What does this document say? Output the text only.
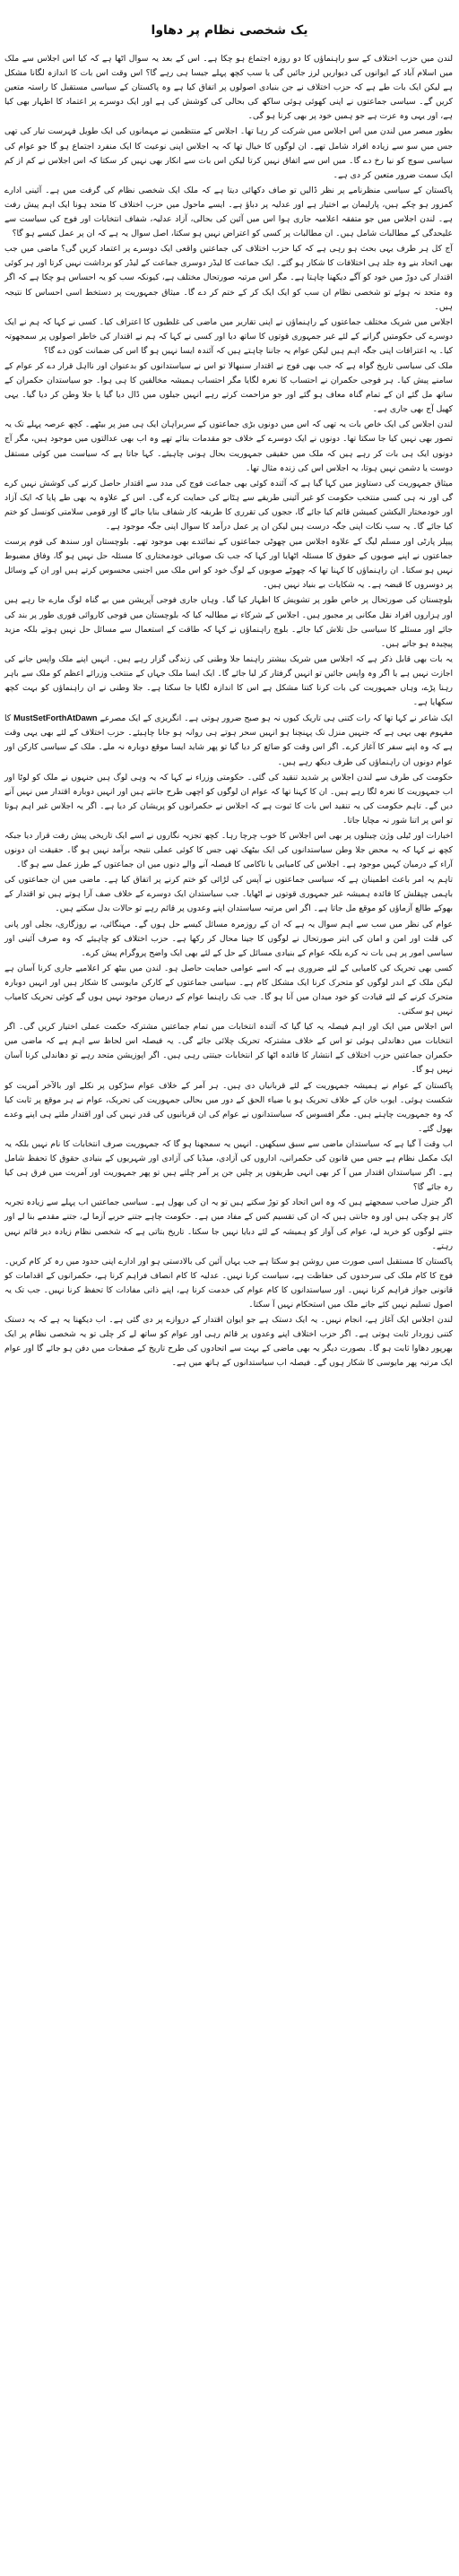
یک شخصی نظام پر دھاوا

لندن میں حزب اختلاف کے سو راہنماؤں کا دو روزہ اجتماع ہو چکا ہے۔ اس کے بعد یہ سوال اٹھا ہے کہ کیا اس اجلاس سے ملک میں اسلام آباد کے ایوانوں کی دیواریں لرز جائیں گی یا سب کچھ پہلے جیسا ہی رہے گا؟ اس وقت اس بات کا اندازہ لگانا مشکل ہے لیکن ایک بات طے ہے کہ حزب اختلاف نے جن بنیادی اصولوں پر اتفاق کیا ہے وہ پاکستان کے سیاسی مستقبل کا راستہ متعین کریں گے۔ سیاسی جماعتوں نے اپنی کھوئی ہوئی ساکھ کی بحالی کی کوشش کی ہے اور ایک دوسرے پر اعتماد کا اظہار بھی کیا ہے، اور یہی وہ عزت ہے جو ہمیں خود پر بھی کرنا ہو گی۔

بطور مبصر میں لندن میں اس اجلاس میں شرکت کر رہا تھا۔ اجلاس کے منتظمین نے مہمانوں کی ایک طویل فہرست تیار کی تھی جس میں سو سے زیادہ افراد شامل تھے۔ ان لوگوں کا خیال تھا کہ یہ اجلاس اپنی نوعیت کا ایک منفرد اجتماع ہو گا جو عوام کی سیاسی سوچ کو نیا رخ دے گا۔ میں اس سے اتفاق نہیں کرتا لیکن اس بات سے انکار بھی نہیں کر سکتا کہ اس اجلاس نے کم از کم ایک سمت ضرور متعین کر دی ہے۔

پاکستان کے سیاسی منظرنامے پر نظر ڈالیں تو صاف دکھائی دیتا ہے کہ ملک ایک شخصی نظام کی گرفت میں ہے۔ آئینی ادارے کمزور ہو چکے ہیں، پارلیمان بے اختیار ہے اور عدلیہ پر دباؤ ہے۔ ایسے ماحول میں حزب اختلاف کا متحد ہونا ایک اہم پیش رفت ہے۔ لندن اجلاس میں جو متفقہ اعلامیہ جاری ہوا اس میں آئین کی بحالی، آزاد عدلیہ، شفاف انتخابات اور فوج کی سیاست سے علیحدگی کے مطالبات شامل ہیں۔ ان مطالبات پر کسی کو اعتراض نہیں ہو سکتا، اصل سوال یہ ہے کہ ان پر عمل کیسے ہو گا؟

آج کل ہر طرف یہی بحث ہو رہی ہے کہ کیا حزب اختلاف کی جماعتیں واقعی ایک دوسرے پر اعتماد کریں گی؟ ماضی میں جب بھی اتحاد بنے وہ جلد ہی اختلافات کا شکار ہو گئے۔ ایک جماعت کا لیڈر دوسری جماعت کے لیڈر کو برداشت نہیں کرتا اور ہر کوئی اقتدار کی دوڑ میں خود کو آگے دیکھنا چاہتا ہے۔ مگر اس مرتبہ صورتحال مختلف ہے، کیونکہ سب کو یہ احساس ہو چکا ہے کہ اگر وہ متحد نہ ہوئے تو شخصی نظام ان سب کو ایک ایک کر کے ختم کر دے گا۔ میثاق جمہوریت پر دستخط اسی احساس کا نتیجہ ہیں۔

اجلاس میں شریک مختلف جماعتوں کے راہنماؤں نے اپنی تقاریر میں ماضی کی غلطیوں کا اعتراف کیا۔ کسی نے کہا کہ ہم نے ایک دوسرے کی حکومتیں گرانے کے لئے غیر جمہوری قوتوں کا ساتھ دیا اور کسی نے کہا کہ ہم نے اقتدار کی خاطر اصولوں پر سمجھوتہ کیا۔ یہ اعترافات اپنی جگہ اہم ہیں لیکن عوام یہ جاننا چاہتے ہیں کہ آئندہ ایسا نہیں ہو گا اس کی ضمانت کون دے گا؟

ملک کی سیاسی تاریخ گواہ ہے کہ جب بھی فوج نے اقتدار سنبھالا تو اس نے سیاستدانوں کو بدعنوان اور نااہل قرار دے کر عوام کے سامنے پیش کیا۔ ہر فوجی حکمران نے احتساب کا نعرہ لگایا مگر احتساب ہمیشہ مخالفین کا ہی ہوا۔ جو سیاستدان حکمران کے ساتھ مل گئے ان کے تمام گناہ معاف ہو گئے اور جو مزاحمت کرتے رہے انہیں جیلوں میں ڈال دیا گیا یا جلا وطن کر دیا گیا۔ یہی کھیل آج بھی جاری ہے۔

لندن اجلاس کی ایک خاص بات یہ تھی کہ اس میں دونوں بڑی جماعتوں کے سربراہان ایک ہی میز پر بیٹھے۔ کچھ عرصہ پہلے تک یہ تصور بھی نہیں کیا جا سکتا تھا۔ دونوں نے ایک دوسرے کے خلاف جو مقدمات بنائے تھے وہ اب بھی عدالتوں میں موجود ہیں، مگر آج دونوں ایک ہی بات کر رہے ہیں کہ ملک میں حقیقی جمہوریت بحال ہونی چاہیئے۔ کہا جاتا ہے کہ سیاست میں کوئی مستقل دوست یا دشمن نہیں ہوتا، یہ اجلاس اس کی زندہ مثال تھا۔

میثاق جمہوریت کی دستاویز میں کہا گیا ہے کہ آئندہ کوئی بھی جماعت فوج کی مدد سے اقتدار حاصل کرنے کی کوشش نہیں کرے گی اور نہ ہی کسی منتخب حکومت کو غیر آئینی طریقے سے ہٹانے کی حمایت کرے گی۔ اس کے علاوہ یہ بھی طے پایا کہ ایک آزاد اور خودمختار الیکشن کمیشن قائم کیا جائے گا، ججوں کی تقرری کا طریقہ کار شفاف بنایا جائے گا اور قومی سلامتی کونسل کو ختم کیا جائے گا۔ یہ سب نکات اپنی جگہ درست ہیں لیکن ان پر عمل درآمد کا سوال اپنی جگہ موجود ہے۔

پیپلز پارٹی اور مسلم لیگ کے علاوہ اجلاس میں چھوٹی جماعتوں کے نمائندے بھی موجود تھے۔ بلوچستان اور سندھ کی قوم پرست جماعتوں نے اپنے صوبوں کے حقوق کا مسئلہ اٹھایا اور کہا کہ جب تک صوبائی خودمختاری کا مسئلہ حل نہیں ہو گا، وفاق مضبوط نہیں ہو سکتا۔ ان راہنماؤں کا کہنا تھا کہ چھوٹے صوبوں کے لوگ خود کو اس ملک میں اجنبی محسوس کرتے ہیں اور ان کے وسائل پر دوسروں کا قبضہ ہے۔ یہ شکایات بے بنیاد نہیں ہیں۔

بلوچستان کی صورتحال پر خاص طور پر تشویش کا اظہار کیا گیا۔ وہاں جاری فوجی آپریشن میں بے گناہ لوگ مارے جا رہے ہیں اور ہزاروں افراد نقل مکانی پر مجبور ہیں۔ اجلاس کے شرکاء نے مطالبہ کیا کہ بلوچستان میں فوجی کاروائی فوری طور پر بند کی جائے اور مسئلے کا سیاسی حل تلاش کیا جائے۔ بلوچ راہنماؤں نے کہا کہ طاقت کے استعمال سے مسائل حل نہیں ہوتے بلکہ مزید پیچیدہ ہو جاتے ہیں۔

یہ بات بھی قابل ذکر ہے کہ اجلاس میں شریک بیشتر راہنما جلا وطنی کی زندگی گزار رہے ہیں۔ انہیں اپنے ملک واپس جانے کی اجازت نہیں ہے یا اگر وہ واپس جائیں تو انہیں گرفتار کر لیا جائے گا۔ ایک ایسا ملک جہاں کے منتخب وزرائے اعظم کو ملک سے باہر رہنا پڑے، وہاں جمہوریت کی بات کرنا کتنا مشکل ہے اس کا اندازہ لگایا جا سکتا ہے۔ جلا وطنی نے ان راہنماؤں کو بہت کچھ سکھایا ہے۔

ایک شاعر نے کہا تھا کہ رات کتنی ہی تاریک کیوں نہ ہو صبح ضرور ہوتی ہے۔ انگریزی کے ایک مصرعے MustSetForthAtDawn کا مفہوم بھی یہی ہے کہ جنہیں منزل تک پہنچنا ہو انہیں سحر ہوتے ہی روانہ ہو جانا چاہیئے۔ حزب اختلاف کے لئے بھی یہی وقت ہے کہ وہ اپنے سفر کا آغاز کرے۔ اگر اس وقت کو ضائع کر دیا گیا تو پھر شاید ایسا موقع دوبارہ نہ ملے۔ ملک کے سیاسی کارکن اور عوام دونوں ان راہنماؤں کی طرف دیکھ رہے ہیں۔

حکومت کی طرف سے لندن اجلاس پر شدید تنقید کی گئی۔ حکومتی وزراء نے کہا کہ یہ وہی لوگ ہیں جنہوں نے ملک کو لوٹا اور اب جمہوریت کا نعرہ لگا رہے ہیں۔ ان کا کہنا تھا کہ عوام ان لوگوں کو اچھی طرح جانتے ہیں اور انہیں دوبارہ اقتدار میں نہیں آنے دیں گے۔ تاہم حکومت کی یہ تنقید اس بات کا ثبوت ہے کہ اجلاس نے حکمرانوں کو پریشان کر دیا ہے۔ اگر یہ اجلاس غیر اہم ہوتا تو اس پر اتنا شور نہ مچایا جاتا۔

اخبارات اور ٹیلی وژن چینلوں پر بھی اس اجلاس کا خوب چرچا رہا۔ کچھ تجزیہ نگاروں نے اسے ایک تاریخی پیش رفت قرار دیا جبکہ کچھ نے کہا کہ یہ محض جلا وطن سیاستدانوں کی ایک بیٹھک تھی جس کا کوئی عملی نتیجہ برآمد نہیں ہو گا۔ حقیقت ان دونوں آراء کے درمیان کہیں موجود ہے۔ اجلاس کی کامیابی یا ناکامی کا فیصلہ آنے والے دنوں میں ان جماعتوں کے طرز عمل سے ہو گا۔

تاہم یہ امر باعث اطمینان ہے کہ سیاسی جماعتوں نے آپس کی لڑائی کو ختم کرنے پر اتفاق کیا ہے۔ ماضی میں ان جماعتوں کی باہمی چپقلش کا فائدہ ہمیشہ غیر جمہوری قوتوں نے اٹھایا۔ جب سیاستدان ایک دوسرے کے خلاف صف آرا ہوتے ہیں تو اقتدار کے بھوکے طالع آزماؤں کو موقع مل جاتا ہے۔ اگر اس مرتبہ سیاستدان اپنے وعدوں پر قائم رہے تو حالات بدل سکتے ہیں۔

عوام کی نظر میں سب سے اہم سوال یہ ہے کہ ان کے روزمرہ مسائل کیسے حل ہوں گے۔ مہنگائی، بے روزگاری، بجلی اور پانی کی قلت اور امن و امان کی ابتر صورتحال نے لوگوں کا جینا محال کر رکھا ہے۔ حزب اختلاف کو چاہیئے کہ وہ صرف آئینی اور سیاسی امور پر ہی بات نہ کرے بلکہ عوام کے بنیادی مسائل کے حل کے لئے بھی ایک واضح پروگرام پیش کرے۔

کسی بھی تحریک کی کامیابی کے لئے ضروری ہے کہ اسے عوامی حمایت حاصل ہو۔ لندن میں بیٹھ کر اعلامیے جاری کرنا آسان ہے لیکن ملک کے اندر لوگوں کو متحرک کرنا ایک مشکل کام ہے۔ سیاسی جماعتوں کے کارکن مایوسی کا شکار ہیں اور انہیں دوبارہ متحرک کرنے کے لئے قیادت کو خود میدان میں آنا ہو گا۔ جب تک راہنما عوام کے درمیان موجود نہیں ہوں گے کوئی تحریک کامیاب نہیں ہو سکتی۔

اس اجلاس میں ایک اور اہم فیصلہ یہ کیا گیا کہ آئندہ انتخابات میں تمام جماعتیں مشترکہ حکمت عملی اختیار کریں گی۔ اگر انتخابات میں دھاندلی ہوئی تو اس کے خلاف مشترکہ تحریک چلائی جائے گی۔ یہ فیصلہ اس لحاظ سے اہم ہے کہ ماضی میں حکمران جماعتیں حزب اختلاف کے انتشار کا فائدہ اٹھا کر انتخابات جیتتی رہی ہیں۔ اگر اپوزیشن متحد رہے تو دھاندلی کرنا آسان نہیں ہو گا۔

پاکستان کے عوام نے ہمیشہ جمہوریت کے لئے قربانیاں دی ہیں۔ ہر آمر کے خلاف عوام سڑکوں پر نکلے اور بالآخر آمریت کو شکست ہوئی۔ ایوب خان کے خلاف تحریک ہو یا ضیاء الحق کے دور میں بحالی جمہوریت کی تحریک، عوام نے ہر موقع پر ثابت کیا کہ وہ جمہوریت چاہتے ہیں۔ مگر افسوس کہ سیاستدانوں نے عوام کی ان قربانیوں کی قدر نہیں کی اور اقتدار ملتے ہی اپنے وعدے بھول گئے۔

اب وقت آ گیا ہے کہ سیاستدان ماضی سے سبق سیکھیں۔ انہیں یہ سمجھنا ہو گا کہ جمہوریت صرف انتخابات کا نام نہیں بلکہ یہ ایک مکمل نظام ہے جس میں قانون کی حکمرانی، اداروں کی آزادی، میڈیا کی آزادی اور شہریوں کے بنیادی حقوق کا تحفظ شامل ہے۔ اگر سیاستدان اقتدار میں آ کر بھی انہی طریقوں پر چلیں جن پر آمر چلتے ہیں تو پھر جمہوریت اور آمریت میں فرق ہی کیا رہ جائے گا؟

اگر جنرل صاحب سمجھتے ہیں کہ وہ اس اتحاد کو توڑ سکتے ہیں تو یہ ان کی بھول ہے۔ سیاسی جماعتیں اب پہلے سے زیادہ تجربہ کار ہو چکی ہیں اور وہ جانتی ہیں کہ ان کی تقسیم کس کے مفاد میں ہے۔ حکومت چاہے جتنے حربے آزما لے، جتنے مقدمے بنا لے اور جتنے لوگوں کو خرید لے، عوام کی آواز کو ہمیشہ کے لئے دبایا نہیں جا سکتا۔ تاریخ بتاتی ہے کہ شخصی نظام زیادہ دیر قائم نہیں رہتے۔

پاکستان کا مستقبل اسی صورت میں روشن ہو سکتا ہے جب یہاں آئین کی بالادستی ہو اور ادارے اپنی حدود میں رہ کر کام کریں۔ فوج کا کام ملک کی سرحدوں کی حفاظت ہے، سیاست کرنا نہیں۔ عدلیہ کا کام انصاف فراہم کرنا ہے، حکمرانوں کے اقدامات کو قانونی جواز فراہم کرنا نہیں۔ اور سیاستدانوں کا کام عوام کی خدمت کرنا ہے، اپنے ذاتی مفادات کا تحفظ کرنا نہیں۔ جب تک یہ اصول تسلیم نہیں کئے جاتے ملک میں استحکام نہیں آ سکتا۔

لندن اجلاس ایک آغاز ہے، انجام نہیں۔ یہ ایک دستک ہے جو ایوان اقتدار کے دروازے پر دی گئی ہے۔ اب دیکھنا یہ ہے کہ یہ دستک کتنی زوردار ثابت ہوتی ہے۔ اگر حزب اختلاف اپنے وعدوں پر قائم رہی اور عوام کو ساتھ لے کر چلی تو یہ شخصی نظام پر ایک بھرپور دھاوا ثابت ہو گا۔ بصورت دیگر یہ بھی ماضی کے بہت سے اتحادوں کی طرح تاریخ کے صفحات میں دفن ہو جائے گا اور عوام ایک مرتبہ پھر مایوسی کا شکار ہوں گے۔ فیصلہ اب سیاستدانوں کے ہاتھ میں ہے۔
